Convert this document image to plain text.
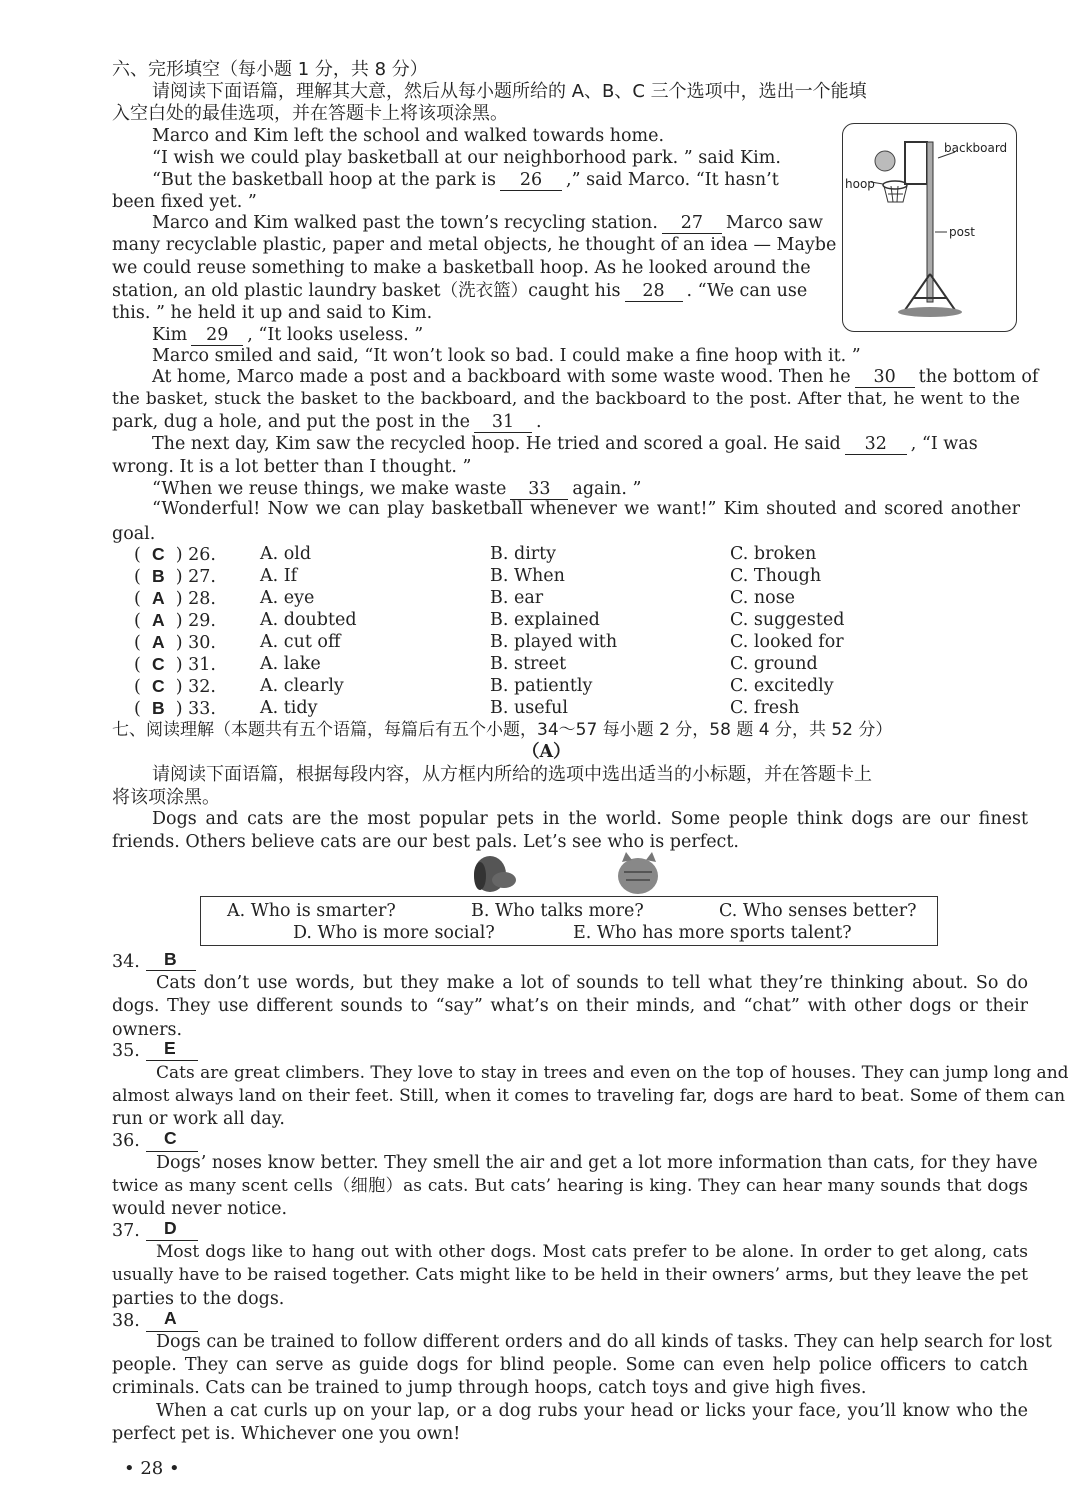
六、完形填空（每小题 1 分，共 8 分）
请阅读下面语篇，理解其大意，然后从每小题所给的 A、B、C 三个选项中，选出一个能填
入空白处的最佳选项，并在答题卡上将该项涂黑。
Marco and Kim left the school and walked towards home.
“I wish we could play basketball at our neighborhood park. ” said Kim.
“But the basketball hoop at the park is 26 ,” said Marco. “It hasn’t
been fixed yet. ”
Marco and Kim walked past the town’s recycling station. 27 Marco saw
many recyclable plastic, paper and metal objects, he thought of an idea — Maybe
we could reuse something to make a basketball hoop. As he looked around the
station, an old plastic laundry basket（洗衣篮）caught his 28 . “We can use
this. ” he held it up and said to Kim.
Kim 29 , “It looks useless. ”
Marco smiled and said, “It won’t look so bad. I could make a fine hoop with it. ”
At home, Marco made a post and a backboard with some waste wood. Then he 30 the bottom of
the basket, stuck the basket to the backboard, and the backboard to the post. After that, he went to the
park, dug a hole, and put the post in the 31 .
The next day, Kim saw the recycled hoop. He tried and scored a goal. He said 32 , “I was
wrong. It is a lot better than I thought. ”
“When we reuse things, we make waste 33 again. ”
“Wonderful! Now we can play basketball whenever we want!” Kim shouted and scored another
goal.
backboard
hoop
post
(  C  ) 26.	A. old	B. dirty	C. broken
(  B  ) 27.	A. If	B. When	C. Though
(  A  ) 28.	A. eye	B. ear	C. nose
(  A  ) 29.	A. doubted	B. explained	C. suggested
(  A  ) 30.	A. cut off	B. played with	C. looked for
(  C  ) 31.	A. lake	B. street	C. ground
(  C  ) 32.	A. clearly	B. patiently	C. excitedly
(  B  ) 33.	A. tidy	B. useful	C. fresh
七、阅读理解（本题共有五个语篇，每篇后有五个小题，34～57 每小题 2 分，58 题 4 分，共 52 分）
（A）
请阅读下面语篇，根据每段内容，从方框内所给的选项中选出适当的小标题，并在答题卡上
将该项涂黑。
Dogs and cats are the most popular pets in the world. Some people think dogs are our finest
friends. Others believe cats are our best pals. Let’s see who is perfect.
A. Who is smarter?	B. Who talks more?	C. Who senses better?
D. Who is more social?	E. Who has more sports talent?
34. B
Cats don’t use words, but they make a lot of sounds to tell what they’re thinking about. So do
dogs. They use different sounds to “say” what’s on their minds, and “chat” with other dogs or their
owners.
35. E
Cats are great climbers. They love to stay in trees and even on the top of houses. They can jump long and
almost always land on their feet. Still, when it comes to traveling far, dogs are hard to beat. Some of them can
run or work all day.
36. C
Dogs’ noses know better. They smell the air and get a lot more information than cats, for they have
twice as many scent cells（细胞）as cats. But cats’ hearing is king. They can hear many sounds that dogs
would never notice.
37. D
Most dogs like to hang out with other dogs. Most cats prefer to be alone. In order to get along, cats
usually have to be raised together. Cats might like to be held in their owners’ arms, but they leave the pet
parties to the dogs.
38. A
Dogs can be trained to follow different orders and do all kinds of tasks. They can help search for lost
people. They can serve as guide dogs for blind people. Some can even help police officers to catch
criminals. Cats can be trained to jump through hoops, catch toys and give high fives.
When a cat curls up on your lap, or a dog rubs your head or licks your face, you’ll know who the
perfect pet is. Whichever one you own!
• 28 •
